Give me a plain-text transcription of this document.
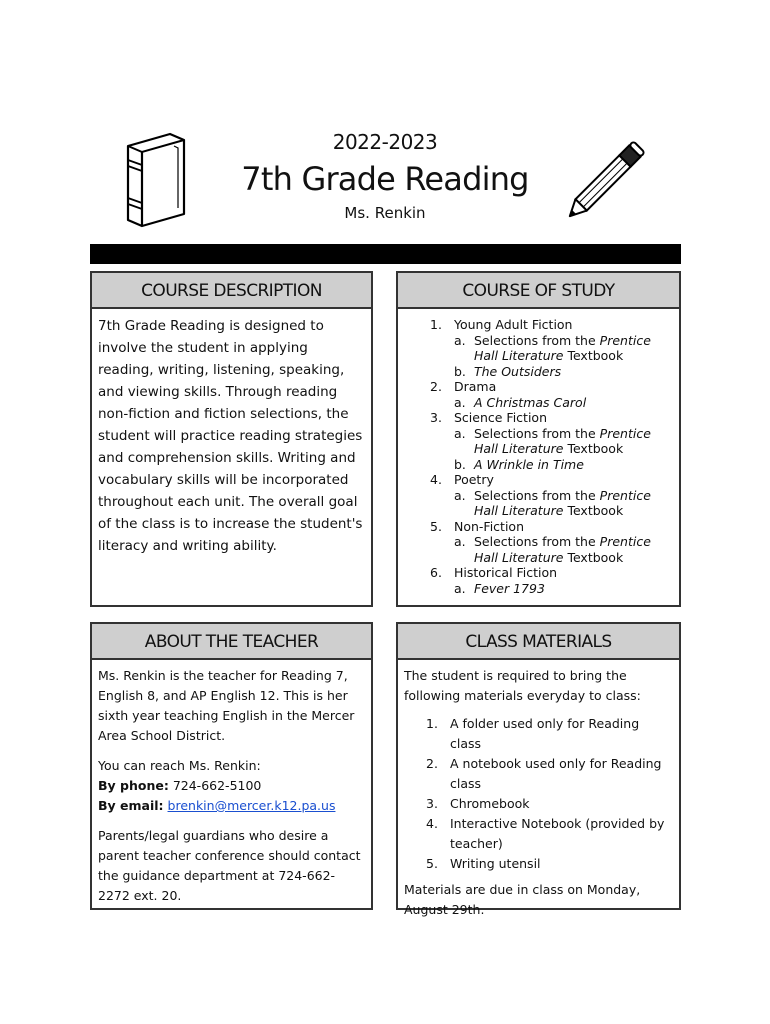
2022-2023
7th Grade Reading
Ms. Renkin
COURSE DESCRIPTION
7th Grade Reading is designed to involve the student in applying reading, writing, listening, speaking, and viewing skills. Through reading non-fiction and fiction selections, the student will practice reading strategies and comprehension skills. Writing and vocabulary skills will be incorporated throughout each unit. The overall goal of the class is to increase the student's literacy and writing ability.
COURSE OF STUDY
1. Young Adult Fiction
a. Selections from the Prentice Hall Literature Textbook
b. The Outsiders
2. Drama
a. A Christmas Carol
3. Science Fiction
a. Selections from the Prentice Hall Literature Textbook
b. A Wrinkle in Time
4. Poetry
a. Selections from the Prentice Hall Literature Textbook
5. Non-Fiction
a. Selections from the Prentice Hall Literature Textbook
6. Historical Fiction
a. Fever 1793
ABOUT THE TEACHER
Ms. Renkin is the teacher for Reading 7, English 8, and AP English 12. This is her sixth year teaching English in the Mercer Area School District.
You can reach Ms. Renkin:
By phone: 724-662-5100
By email: brenkin@mercer.k12.pa.us
Parents/legal guardians who desire a parent teacher conference should contact the guidance department at 724-662-2272 ext. 20.
CLASS MATERIALS
The student is required to bring the following materials everyday to class:
1. A folder used only for Reading class
2. A notebook used only for Reading class
3. Chromebook
4. Interactive Notebook (provided by teacher)
5. Writing utensil
Materials are due in class on Monday, August 29th.
